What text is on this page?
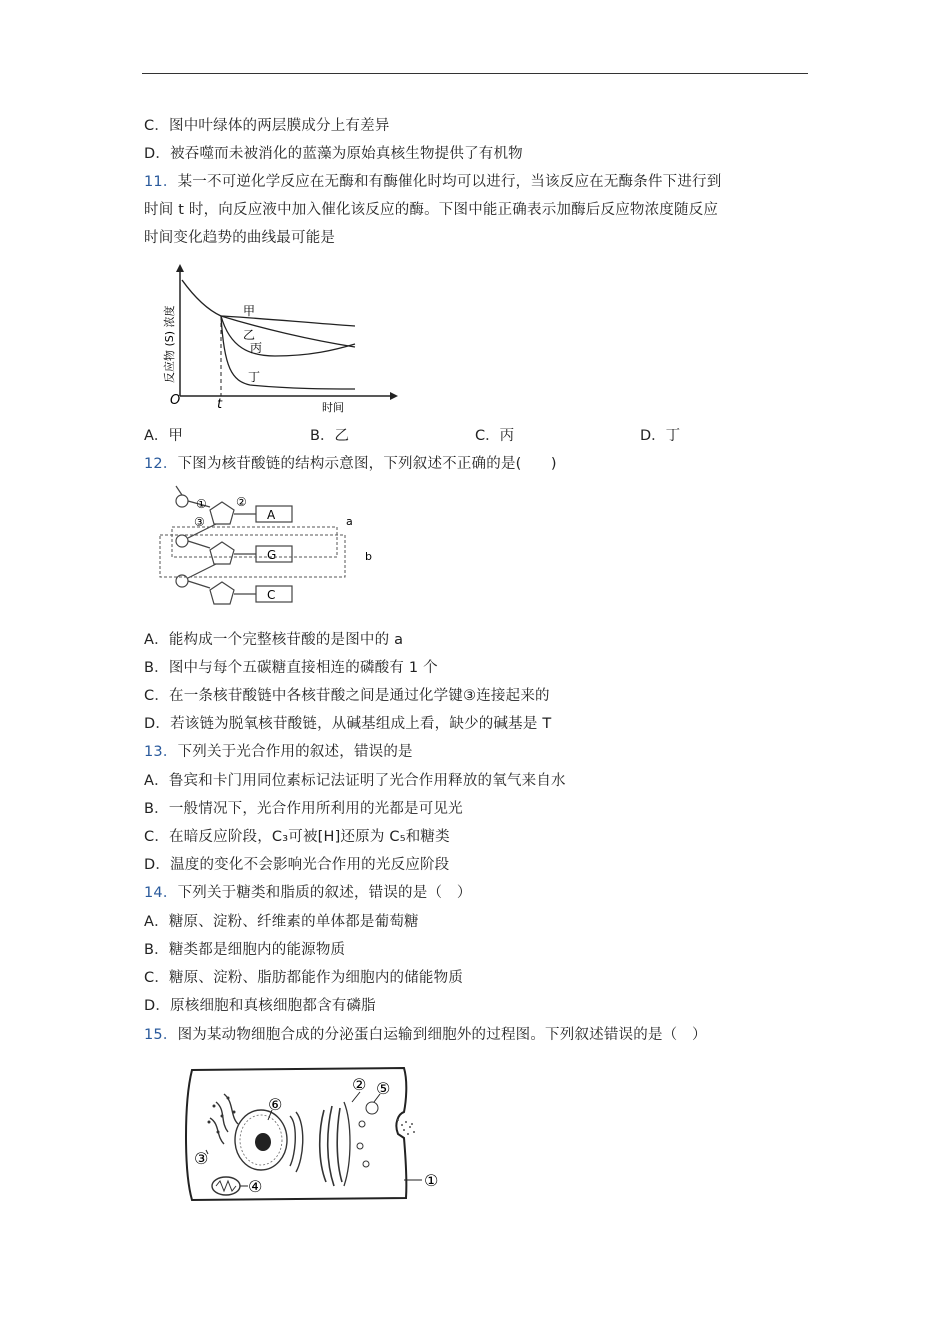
C．图中叶绿体的两层膜成分上有差异
D．被吞噬而未被消化的蓝藻为原始真核生物提供了有机物
11．某一不可逆化学反应在无酶和有酶催化时均可以进行，当该反应在无酶条件下进行到
时间 t 时，向反应液中加入催化该反应的酶。下图中能正确表示加酶后反应物浓度随反应
时间变化趋势的曲线最可能是
甲
乙
丙
丁
O	t	时间
反应物 (S) 浓度
A．甲	B．乙	C．丙	D．丁
12．下图为核苷酸链的结构示意图，下列叙述不正确的是(　　)
A
G
C
a
b
① ②
③
A．能构成一个完整核苷酸的是图中的 a
B．图中与每个五碳糖直接相连的磷酸有 1 个
C．在一条核苷酸链中各核苷酸之间是通过化学键③连接起来的
D．若该链为脱氧核苷酸链，从碱基组成上看，缺少的碱基是 T
13．下列关于光合作用的叙述，错误的是
A．鲁宾和卡门用同位素标记法证明了光合作用释放的氧气来自水
B．一般情况下，光合作用所利用的光都是可见光
C．在暗反应阶段，C₃可被[H]还原为 C₅和糖类
D．温度的变化不会影响光合作用的光反应阶段
14．下列关于糖类和脂质的叙述，错误的是（　）
A．糖原、淀粉、纤维素的单体都是葡萄糖
B．糖类都是细胞内的能源物质
C．糖原、淀粉、脂肪都能作为细胞内的储能物质
D．原核细胞和真核细胞都含有磷脂
15．图为某动物细胞合成的分泌蛋白运输到细胞外的过程图。下列叙述错误的是（　）
①
②
③
④
⑤
⑥
